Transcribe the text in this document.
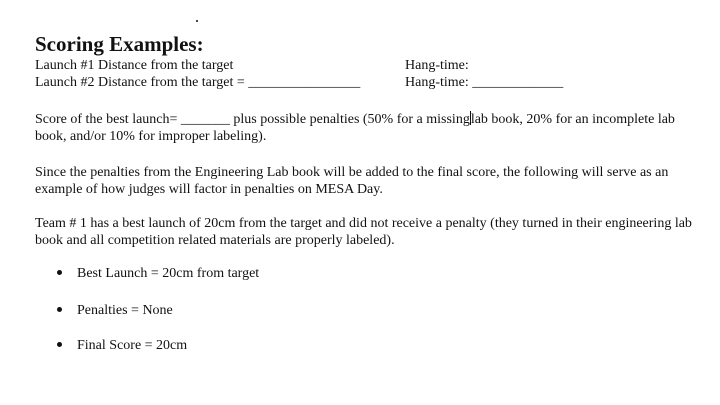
Scoring Examples:
Launch #1 Distance from the target	Hang-time:
Launch #2 Distance from the target = ________________	Hang-time: _____________
Score of the best launch= _______ plus possible penalties (50% for a missinglab book, 20% for an incomplete lab book, and/or 10% for improper labeling).
Since the penalties from the Engineering Lab book will be added to the final score, the following will serve as an example of how judges will factor in penalties on MESA Day.
Team # 1 has a best launch of 20cm from the target and did not receive a penalty (they turned in their engineering lab book and all competition related materials are properly labeled).
Best Launch = 20cm from target
Penalties = None
Final Score = 20cm
